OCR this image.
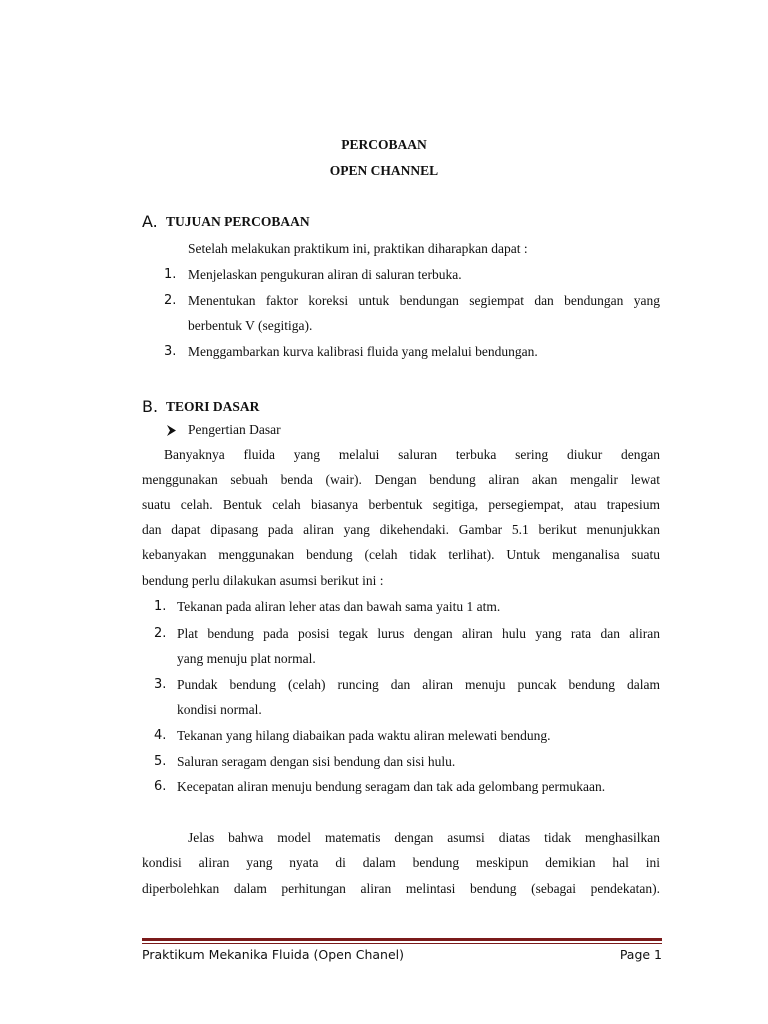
PERCOBAAN
OPEN CHANNEL
A. TUJUAN PERCOBAAN
Setelah melakukan praktikum ini, praktikan diharapkan dapat :
1. Menjelaskan pengukuran aliran di saluran terbuka.
2. Menentukan faktor koreksi untuk bendungan segiempat dan bendungan yang
berbentuk V (segitiga).
3. Menggambarkan kurva kalibrasi fluida yang melalui bendungan.
B. TEORI DASAR
Pengertian Dasar
Banyaknya fluida yang melalui saluran terbuka sering diukur dengan
menggunakan sebuah benda (wair). Dengan bendung aliran akan mengalir lewat
suatu celah. Bentuk celah biasanya berbentuk segitiga, persegiempat, atau trapesium
dan dapat dipasang pada aliran yang dikehendaki. Gambar 5.1 berikut menunjukkan
kebanyakan menggunakan bendung (celah tidak terlihat). Untuk menganalisa suatu
bendung perlu dilakukan asumsi berikut ini :
1. Tekanan pada aliran leher atas dan bawah sama yaitu 1 atm.
2. Plat bendung pada posisi tegak lurus dengan aliran hulu yang rata dan aliran
yang menuju plat normal.
3. Pundak bendung (celah) runcing dan aliran menuju puncak bendung dalam
kondisi normal.
4. Tekanan yang hilang diabaikan pada waktu aliran melewati bendung.
5. Saluran seragam dengan sisi bendung dan sisi hulu.
6. Kecepatan aliran menuju bendung seragam dan tak ada gelombang permukaan.
Jelas bahwa model matematis dengan asumsi diatas tidak menghasilkan
kondisi aliran yang nyata di dalam bendung meskipun demikian hal ini
diperbolehkan dalam perhitungan aliran melintasi bendung (sebagai pendekatan).
Praktikum Mekanika Fluida (Open Chanel)	Page 1
